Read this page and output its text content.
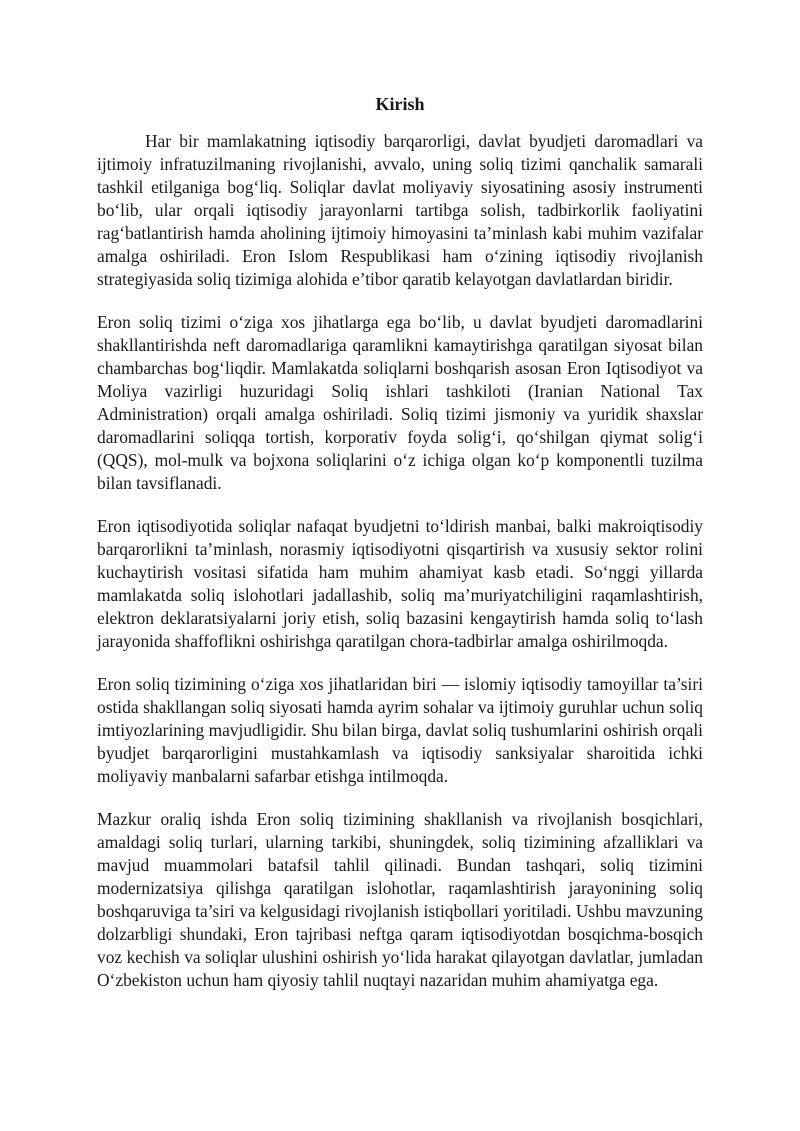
Kirish

Har bir mamlakatning iqtisodiy barqarorligi, davlat byudjeti daromadlari va ijtimoiy infratuzilmaning rivojlanishi, avvalo, uning soliq tizimi qanchalik samarali tashkil etilganiga bog‘liq. Soliqlar davlat moliyaviy siyosatining asosiy instrumenti bo‘lib, ular orqali iqtisodiy jarayonlarni tartibga solish, tadbirkorlik faoliyatini rag‘batlantirish hamda aholining ijtimoiy himoyasini ta’minlash kabi muhim vazifalar amalga oshiriladi. Eron Islom Respublikasi ham o‘zining iqtisodiy rivojlanish strategiyasida soliq tizimiga alohida e’tibor qaratib kelayotgan davlatlardan biridir.

Eron soliq tizimi o‘ziga xos jihatlarga ega bo‘lib, u davlat byudjeti daromadlarini shakllantirishda neft daromadlariga qaramlikni kamaytirishga qaratilgan siyosat bilan chambarchas bog‘liqdir. Mamlakatda soliqlarni boshqarish asosan Eron Iqtisodiyot va Moliya vazirligi huzuridagi Soliq ishlari tashkiloti (Iranian National Tax Administration) orqali amalga oshiriladi. Soliq tizimi jismoniy va yuridik shaxslar daromadlarini soliqqa tortish, korporativ foyda solig‘i, qo‘shilgan qiymat solig‘i (QQS), mol-mulk va bojxona soliqlarini o‘z ichiga olgan ko‘p komponentli tuzilma bilan tavsiflanadi.

Eron iqtisodiyotida soliqlar nafaqat byudjetni to‘ldirish manbai, balki makroiqtisodiy barqarorlikni ta’minlash, norasmiy iqtisodiyotni qisqartirish va xususiy sektor rolini kuchaytirish vositasi sifatida ham muhim ahamiyat kasb etadi. So‘nggi yillarda mamlakatda soliq islohotlari jadallashib, soliq ma’muriyatchiligini raqamlashtirish, elektron deklaratsiyalarni joriy etish, soliq bazasini kengaytirish hamda soliq to‘lash jarayonida shaffoflikni oshirishga qaratilgan chora-tadbirlar amalga oshirilmoqda.

Eron soliq tizimining o‘ziga xos jihatlaridan biri — islomiy iqtisodiy tamoyillar ta’siri ostida shakllangan soliq siyosati hamda ayrim sohalar va ijtimoiy guruhlar uchun soliq imtiyozlarining mavjudligidir. Shu bilan birga, davlat soliq tushumlarini oshirish orqali byudjet barqarorligini mustahkamlash va iqtisodiy sanksiyalar sharoitida ichki moliyaviy manbalarni safarbar etishga intilmoqda.

Mazkur oraliq ishda Eron soliq tizimining shakllanish va rivojlanish bosqichlari, amaldagi soliq turlari, ularning tarkibi, shuningdek, soliq tizimining afzalliklari va mavjud muammolari batafsil tahlil qilinadi. Bundan tashqari, soliq tizimini modernizatsiya qilishga qaratilgan islohotlar, raqamlashtirish jarayonining soliq boshqaruviga ta’siri va kelgusidagi rivojlanish istiqbollari yoritiladi. Ushbu mavzuning dolzarbligi shundaki, Eron tajribasi neftga qaram iqtisodiyotdan bosqichma-bosqich voz kechish va soliqlar ulushini oshirish yo‘lida harakat qilayotgan davlatlar, jumladan O‘zbekiston uchun ham qiyosiy tahlil nuqtayi nazaridan muhim ahamiyatga ega.
